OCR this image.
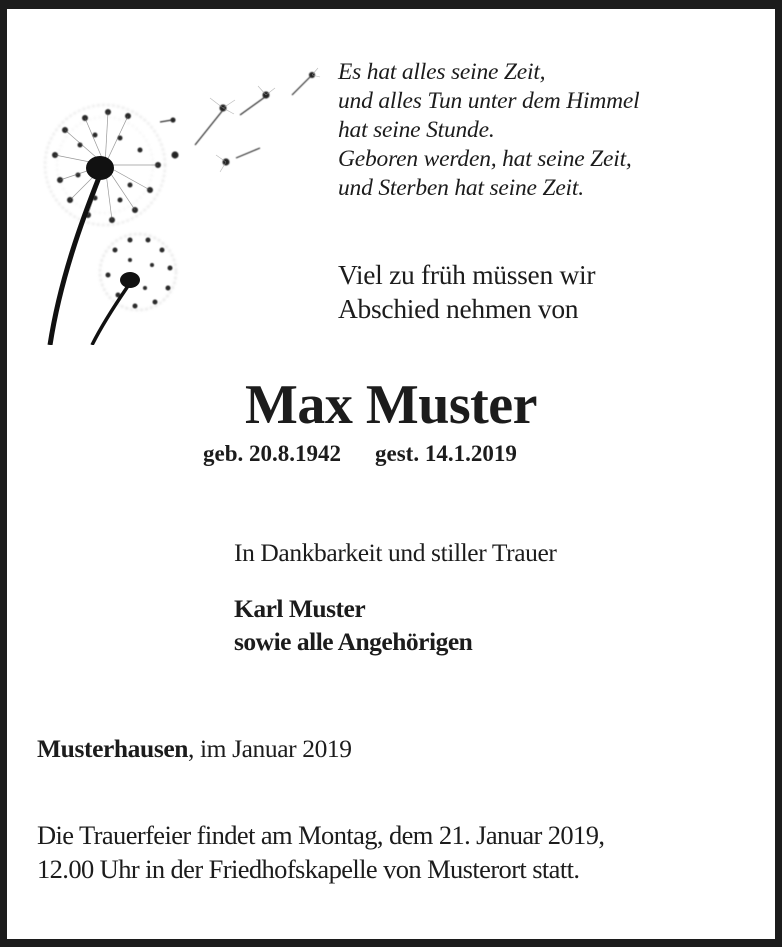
Es hat alles seine Zeit,
und alles Tun unter dem Himmel
hat seine Stunde.
Geboren werden, hat seine Zeit,
und Sterben hat seine Zeit.
Viel zu früh müssen wir
Abschied nehmen von
Max Muster
geb. 20.8.1942 gest. 14.1.2019
In Dankbarkeit und stiller Trauer
Karl Muster
sowie alle Angehörigen
Musterhausen, im Januar 2019
Die Trauerfeier findet am Montag, dem 21. Januar 2019,
12.00 Uhr in der Friedhofskapelle von Musterort statt.
